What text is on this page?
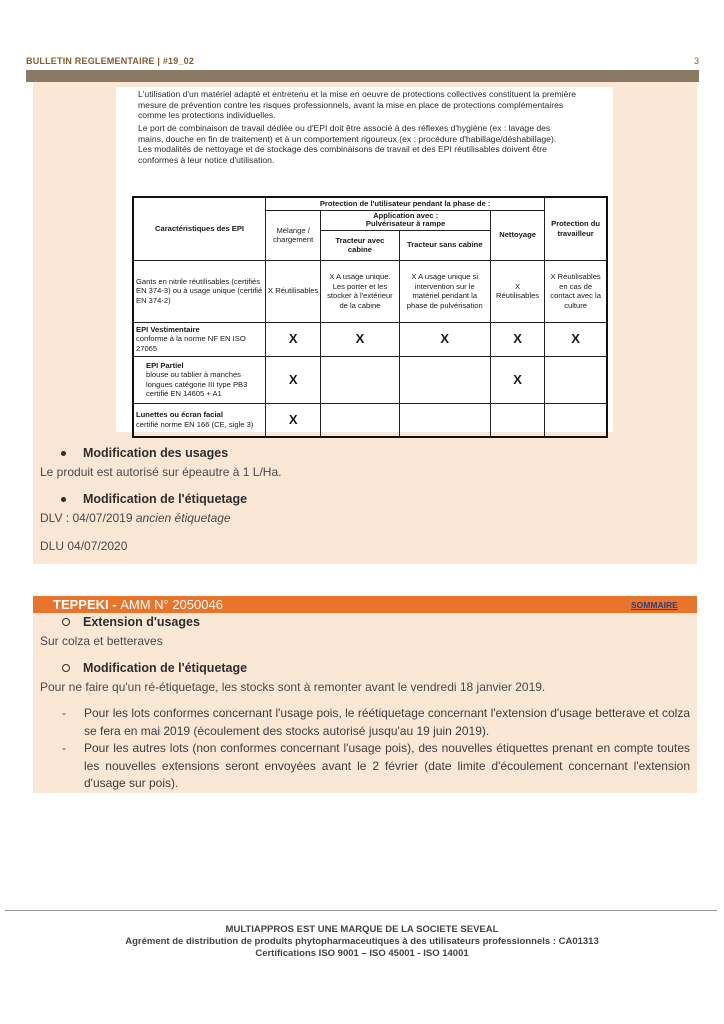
BULLETIN REGLEMENTAIRE | #19_02	3
L'utilisation d'un matériel adapté et entretenu et la mise en oeuvre de protections collectives constituent la première
mesure de prévention contre les risques professionnels, avant la mise en place de protections complémentaires
comme les protections individuelles.
Le port de combinaison de travail dédiée ou d'EPI doit être associé à des réflexes d'hygiène (ex : lavage des
mains, douche en fin de traitement) et à un comportement rigoureux (ex : procédure d'habillage/déshabillage).
Les modalités de nettoyage et de stockage des combinaisons de travail et des EPI réutilisables doivent être
conformes à leur notice d'utilisation.
Caractéristiques des EPI	Protection de l'utilisateur pendant la phase de :				Protection du travailleur
	Mélange / chargement	Application avec :
Pulvérisateur à rampe		Nettoyage	
		Tracteur avec cabine	Tracteur sans cabine		
Gants en nitrile réutilisables (certifiés EN 374-3) ou à usage unique (certifié EN 374-2)	X Réutilisables	X A usage unique. Les porter et les stocker à l'extérieur de la cabine	X A usage unique si intervention sur le matériel pendant la phase de pulvérisation	X Réutilisables	X Réutilisables en cas de contact avec la culture
EPI Vestimentaire
conforme à la norme NF EN ISO 27065	X	X	X	X	X
EPI Partiel
blouse ou tablier à manches longues catégorie III type PB3 certifié EN 14605 + A1	X			X	
Lunettes ou écran facial
certifié norme EN 166 (CE, sigle 3)	X				
Modification des usages
Le produit est autorisé sur épeautre à 1 L/Ha.
Modification de l'étiquetage
DLV : 04/07/2019 ancien étiquetage
DLU 04/07/2020
TEPPEKI - AMM N° 2050046	SOMMAIRE
Extension d'usages
Sur colza et betteraves
Modification de l'étiquetage
Pour ne faire qu'un ré-étiquetage, les stocks sont à remonter avant le vendredi 18 janvier 2019.
- Pour les lots conformes concernant l'usage pois, le réétiquetage concernant l'extension d'usage betterave et colza se fera en mai 2019 (écoulement des stocks autorisé jusqu'au 19 juin 2019).
- Pour les autres lots (non conformes concernant l'usage pois), des nouvelles étiquettes prenant en compte toutes les nouvelles extensions seront envoyées avant le 2 février (date limite d'écoulement concernant l'extension d'usage sur pois).
MULTIAPPROS EST UNE MARQUE DE LA SOCIETE SEVEAL
Agrément de distribution de produits phytopharmaceutiques à des utilisateurs professionnels : CA01313
Certifications ISO 9001 – ISO 45001 - ISO 14001
